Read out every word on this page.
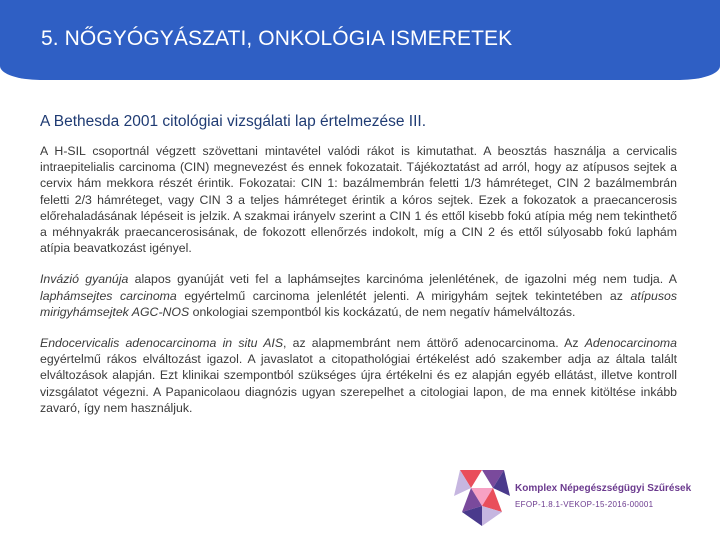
5. NŐGYÓGYÁSZATI, ONKOLÓGIA ISMERETEK
A Bethesda 2001 citológiai vizsgálati lap értelmezése III.

A H-SIL csoportnál végzett szövettani mintavétel valódi rákot is kimutathat. A beosztás használja a cervicalis intraepitelialis carcinoma (CIN) megnevezést és ennek fokozatait. Tájékoztatást ad arról, hogy az atípusos sejtek a cervix hám mekkora részét érintik. Fokozatai: CIN 1: bazálmembrán feletti 1/3 hámréteget, CIN 2 bazálmembrán feletti 2/3 hámréteget, vagy CIN 3 a teljes hámréteget érintik a kóros sejtek. Ezek a fokozatok a praecancerosis előrehaladásának lépéseit is jelzik. A szakmai irányelv szerint a CIN 1 és ettől kisebb fokú atípia még nem tekinthető a méhnyakrák praecancerosisának, de fokozott ellenőrzés indokolt, míg a CIN 2 és ettől súlyosabb fokú laphám atípia beavatkozást igényel.

Invázió gyanúja alapos gyanúját veti fel a laphámsejtes karcinóma jelenlétének, de igazolni még nem tudja. A laphámsejtes carcinoma egyértelmű carcinoma jelenlétét jelenti. A mirigyhám sejtek tekintetében az atípusos mirigyhámsejtek AGC-NOS onkologiai szempontból kis kockázatú, de nem negatív hámelváltozás.

Endocervicalis adenocarcinoma in situ AIS, az alapmembránt nem áttörő adenocarcinoma. Az Adenocarcinoma egyértelmű rákos elváltozást igazol. A javaslatot a citopathológiai értékelést adó szakember adja az általa talált elváltozások alapján. Ezt klinikai szempontból szükséges újra értékelni és ez alapján egyéb ellátást, illetve kontroll vizsgálatot végezni. A Papanicolaou diagnózis ugyan szerepelhet a citologiai lapon, de ma ennek kitöltése inkább zavaró, így nem használjuk.

Komplex Népegészségügyi Szűrések
EFOP-1.8.1-VEKOP-15-2016-00001
